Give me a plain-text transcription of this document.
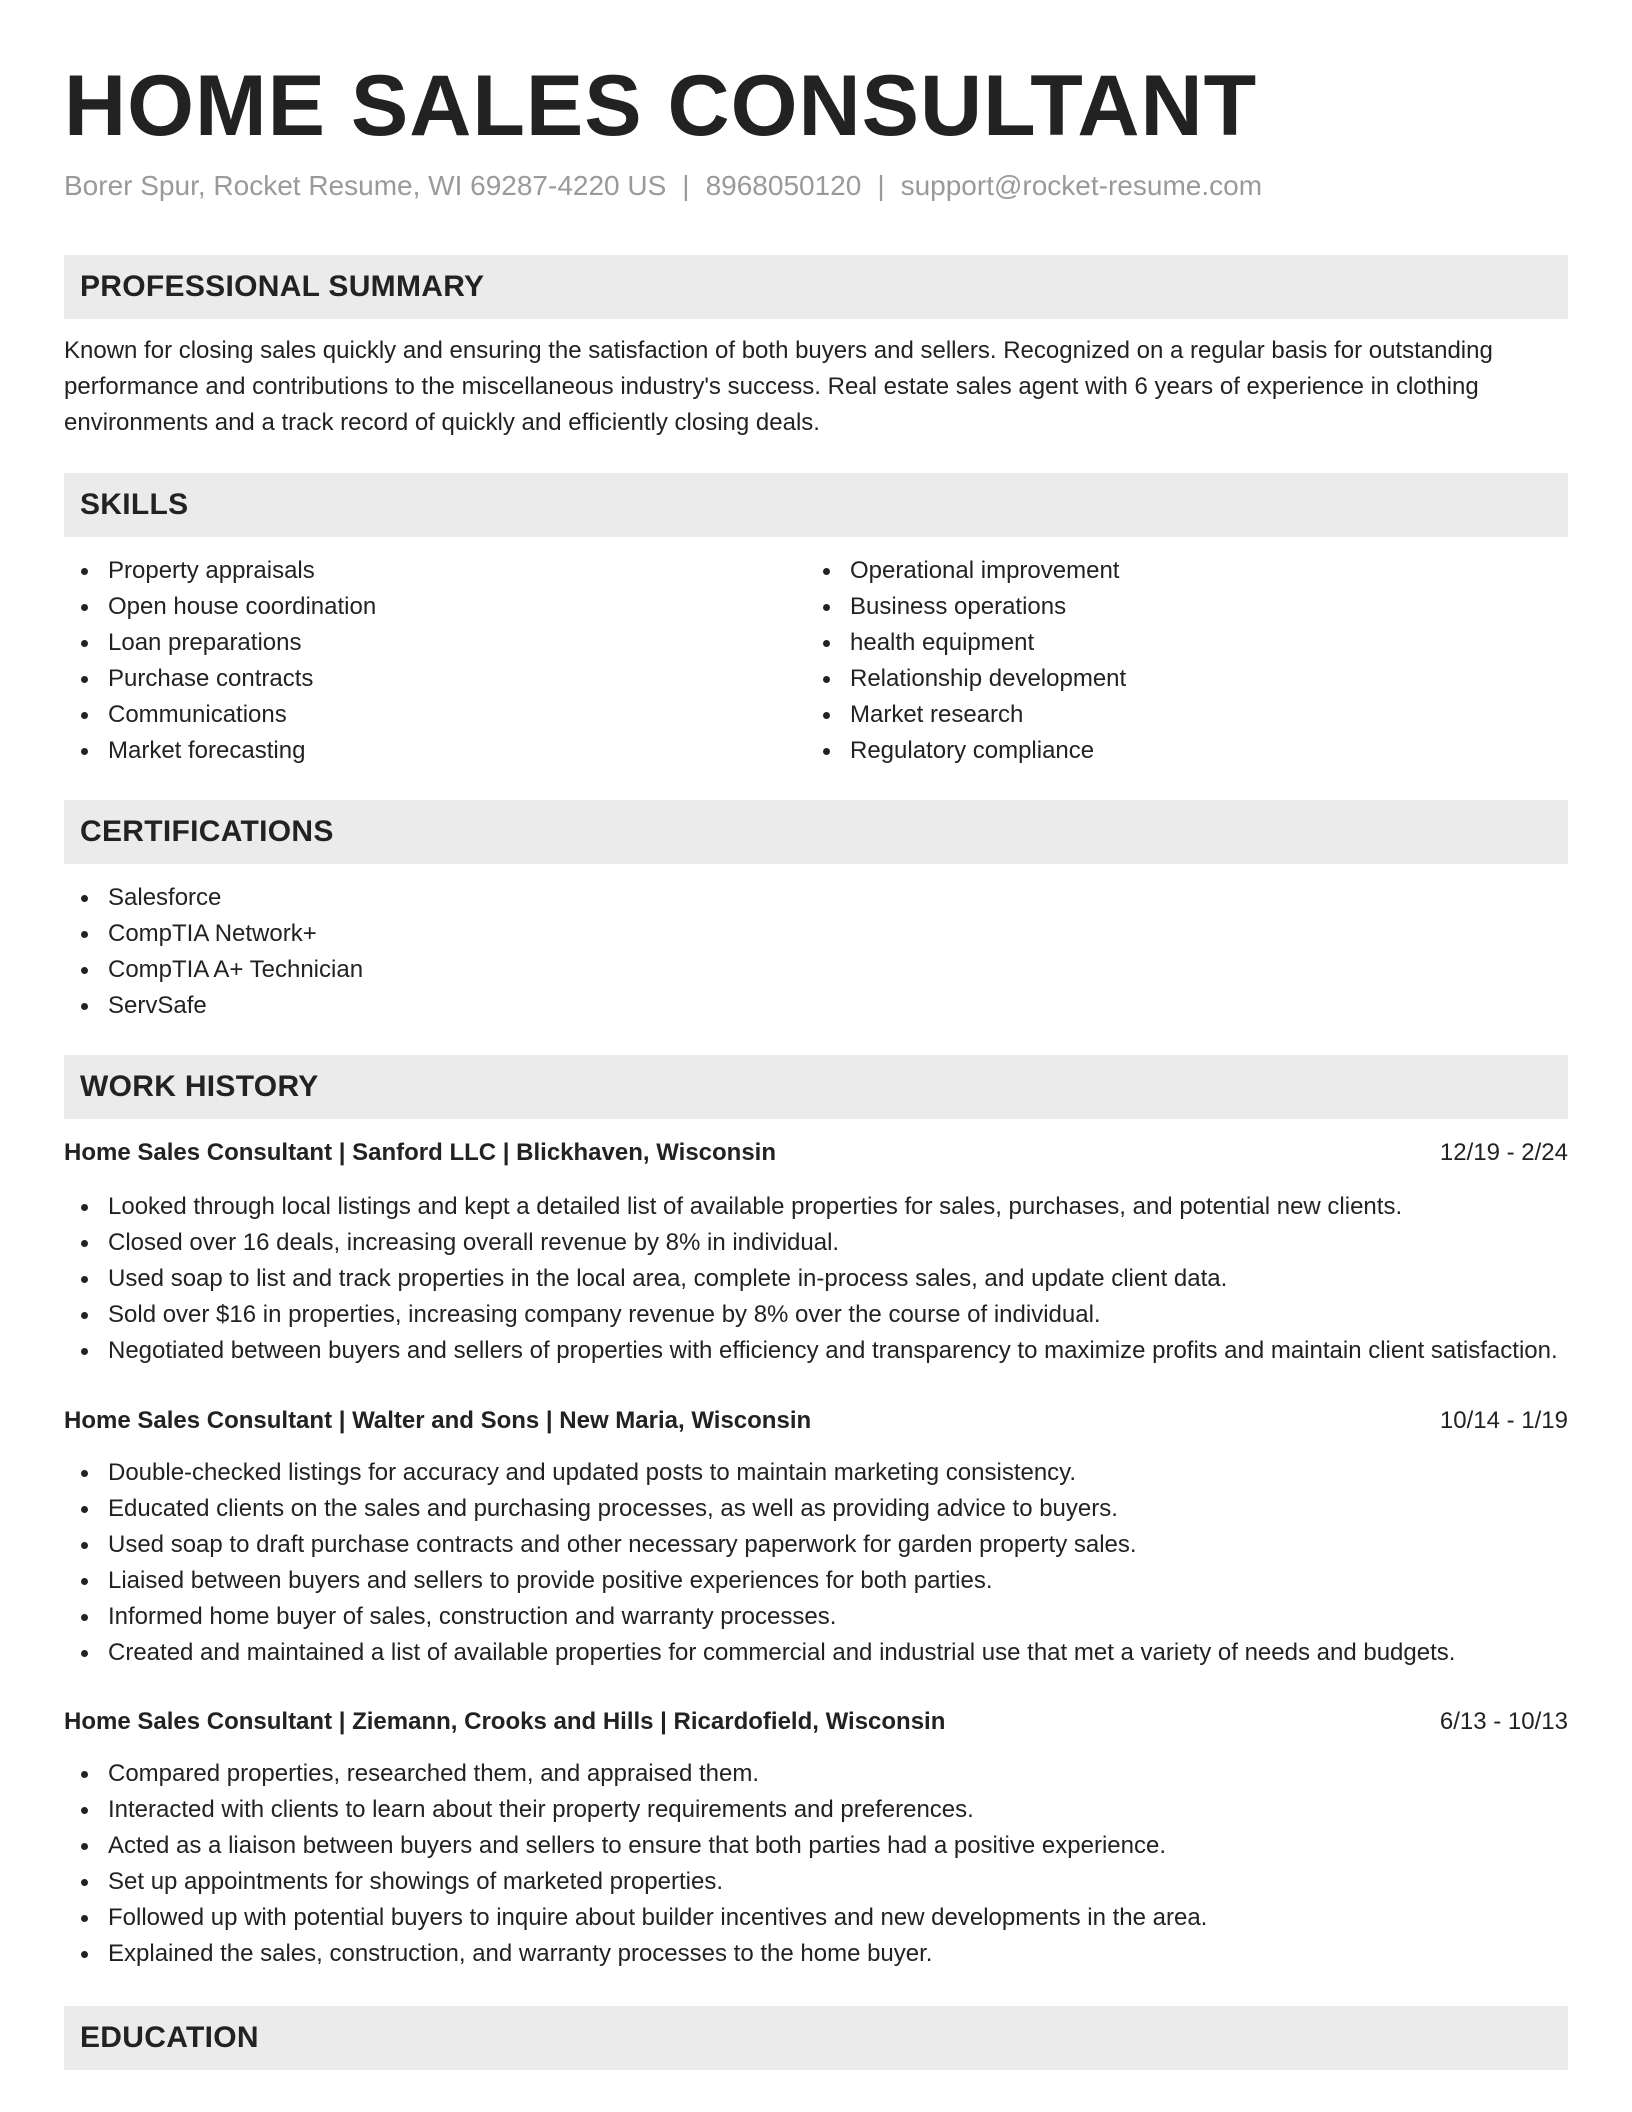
HOME SALES CONSULTANT
Borer Spur, Rocket Resume, WI 69287-4220 US | 8968050120 | support@rocket-resume.com
PROFESSIONAL SUMMARY

Known for closing sales quickly and ensuring the satisfaction of both buyers and sellers. Recognized on a regular basis for outstanding performance and contributions to the miscellaneous industry's success. Real estate sales agent with 6 years of experience in clothing environments and a track record of quickly and efficiently closing deals.

SKILLS
Property appraisals
Open house coordination
Loan preparations
Purchase contracts
Communications
Market forecasting
Operational improvement
Business operations
health equipment
Relationship development
Market research
Regulatory compliance
CERTIFICATIONS
Salesforce
CompTIA Network+
CompTIA A+ Technician
ServSafe
WORK HISTORY
Home Sales Consultant | Sanford LLC | Blickhaven, Wisconsin	12/19 - 2/24
Looked through local listings and kept a detailed list of available properties for sales, purchases, and potential new clients.
Closed over 16 deals, increasing overall revenue by 8% in individual.
Used soap to list and track properties in the local area, complete in-process sales, and update client data.
Sold over $16 in properties, increasing company revenue by 8% over the course of individual.
Negotiated between buyers and sellers of properties with efficiency and transparency to maximize profits and maintain client satisfaction.
Home Sales Consultant | Walter and Sons | New Maria, Wisconsin	10/14 - 1/19
Double-checked listings for accuracy and updated posts to maintain marketing consistency.
Educated clients on the sales and purchasing processes, as well as providing advice to buyers.
Used soap to draft purchase contracts and other necessary paperwork for garden property sales.
Liaised between buyers and sellers to provide positive experiences for both parties.
Informed home buyer of sales, construction and warranty processes.
Created and maintained a list of available properties for commercial and industrial use that met a variety of needs and budgets.
Home Sales Consultant | Ziemann, Crooks and Hills | Ricardofield, Wisconsin	6/13 - 10/13
Compared properties, researched them, and appraised them.
Interacted with clients to learn about their property requirements and preferences.
Acted as a liaison between buyers and sellers to ensure that both parties had a positive experience.
Set up appointments for showings of marketed properties.
Followed up with potential buyers to inquire about builder incentives and new developments in the area.
Explained the sales, construction, and warranty processes to the home buyer.
EDUCATION
